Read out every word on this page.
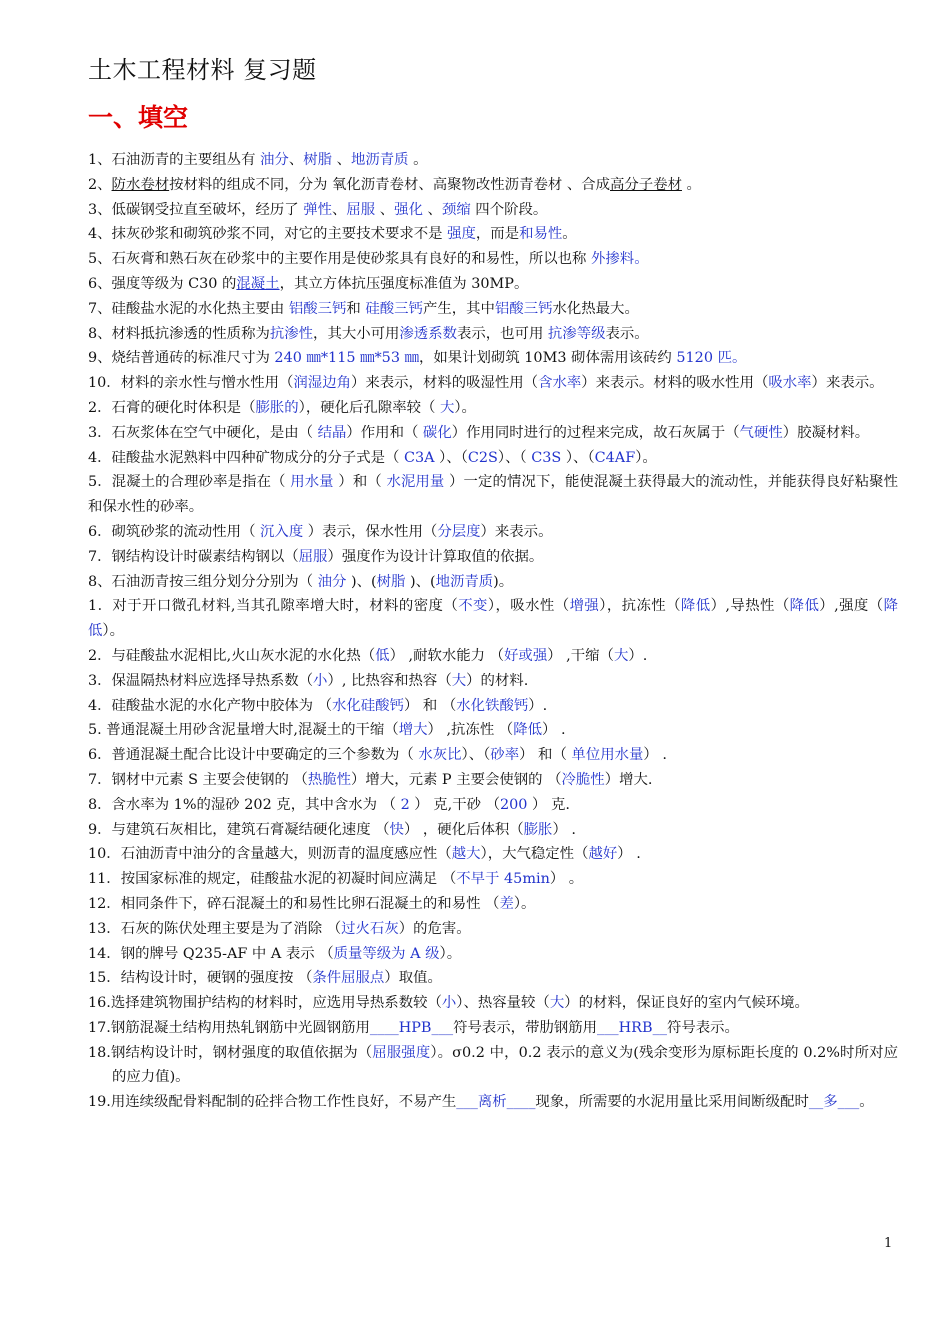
土木工程材料 复习题
一、填空

1、石油沥青的主要组丛有 油分、树脂 、地沥青质 。

2、防水卷材按材料的组成不同，分为 氧化沥青卷材、高聚物改性沥青卷材 、合成高分子卷材 。

3、低碳钢受拉直至破坏，经历了 弹性、屈服 、强化 、颈缩 四个阶段。

4、抹灰砂浆和砌筑砂浆不同，对它的主要技术要求不是 强度，而是和易性。

5、石灰膏和熟石灰在砂浆中的主要作用是使砂浆具有良好的和易性，所以也称 外掺料。

6、强度等级为 C30 的混凝土，其立方体抗压强度标准值为 30MP。

7、硅酸盐水泥的水化热主要由 铝酸三钙和 硅酸三钙产生，其中铝酸三钙水化热最大。

8、材料抵抗渗透的性质称为抗渗性，其大小可用渗透系数表示，也可用 抗渗等级表示。

9、烧结普通砖的标准尺寸为 240 ㎜*115 ㎜*53 ㎜，如果计划砌筑 10M3 砌体需用该砖约 5120 匹。

10．材料的亲水性与憎水性用（润湿边角）来表示，材料的吸湿性用（含水率）来表示。材料的吸水性用（吸水率）来表示。

2．石膏的硬化时体积是（膨胀的），硬化后孔隙率较（ 大）。

3．石灰浆体在空气中硬化，是由（ 结晶）作用和（ 碳化）作用同时进行的过程来完成，故石灰属于（气硬性）胶凝材料。

4．硅酸盐水泥熟料中四种矿物成分的分子式是（ C3A ）、（C2S）、（ C3S ）、（C4AF）。

5．混凝土的合理砂率是指在（ 用水量 ）和（ 水泥用量 ）一定的情况下，能使混凝土获得最大的流动性，并能获得良好粘聚性和保水性的砂率。

6．砌筑砂浆的流动性用（ 沉入度 ）表示，保水性用（分层度）来表示。

7．钢结构设计时碳素结构钢以（屈服）强度作为设计计算取值的依据。

8、石油沥青按三组分划分分别为（ 油分 )、(树脂 )、(地沥青质)。

1．对于开口微孔材料,当其孔隙率增大时，材料的密度（不变），吸水性（增强），抗冻性（降低）,导热性（降低）,强度（降低）。

2．与硅酸盐水泥相比,火山灰水泥的水化热（低） ,耐软水能力 （好或强） ,干缩（大）.

3．保温隔热材料应选择导热系数（小）, 比热容和热容（大）的材料.

4．硅酸盐水泥的水化产物中胶体为 （水化硅酸钙） 和 （水化铁酸钙）.

5. 普通混凝土用砂含泥量增大时,混凝土的干缩（增大） ,抗冻性 （降低） .

6．普通混凝土配合比设计中要确定的三个参数为（ 水灰比）、（砂率） 和（ 单位用水量） .

7．钢材中元素 S 主要会使钢的 （热脆性）增大，元素 P 主要会使钢的 （冷脆性）增大.

8．含水率为 1%的湿砂 202 克，其中含水为 （ 2 ） 克,干砂 （200 ） 克.

9．与建筑石灰相比，建筑石膏凝结硬化速度 （快） ，硬化后体积（膨胀） .

10．石油沥青中油分的含量越大，则沥青的温度感应性（越大），大气稳定性（越好） .

11．按国家标准的规定，硅酸盐水泥的初凝时间应满足 （不早于 45min） 。

12．相同条件下，碎石混凝土的和易性比卵石混凝土的和易性 （差）。

13．石灰的陈伏处理主要是为了消除 （过火石灰）的危害。

14．钢的牌号 Q235-AF 中 A 表示 （质量等级为 A 级）。

15．结构设计时，硬钢的强度按 （条件屈服点）取值。

16.选择建筑物围护结构的材料时，应选用导热系数较（小）、热容量较（大）的材料，保证良好的室内气候环境。

17.钢筋混凝土结构用热轧钢筋中光圆钢筋用____HPB___符号表示，带肋钢筋用___HRB__符号表示。

18.钢结构设计时，钢材强度的取值依据为（屈服强度）。σ0.2 中，0.2 表示的意义为(残余变形为原标距长度的 0.2%时所对应的应力值)。

19.用连续级配骨料配制的砼拌合物工作性良好，不易产生___离析____现象，所需要的水泥用量比采用间断级配时__多___。

1
